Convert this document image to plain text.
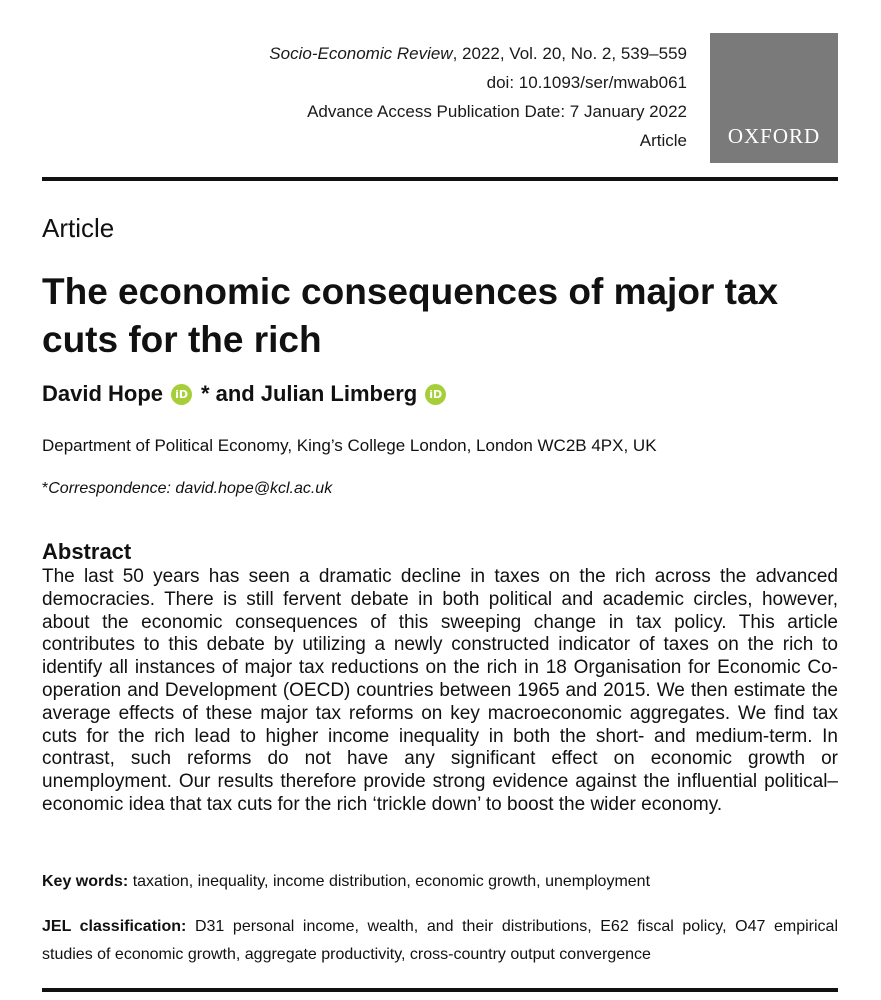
Socio-Economic Review, 2022, Vol. 20, No. 2, 539–559
doi: 10.1093/ser/mwab061
Advance Access Publication Date: 7 January 2022
Article OXFORD
Article
The economic consequences of major tax cuts for the rich
David Hope	iD * and Julian Limberg	iD
Department of Political Economy, King’s College London, London WC2B 4PX, UK
*Correspondence: david.hope@kcl.ac.uk
Abstract

The last 50 years has seen a dramatic decline in taxes on the rich across the advanced democracies. There is still fervent debate in both political and academic circles, however, about the economic consequences of this sweeping change in tax policy. This article contributes to this debate by utilizing a newly constructed indicator of taxes on the rich to identify all instances of major tax reductions on the rich in 18 Organisation for Economic Co-operation and Development (OECD) countries between 1965 and 2015. We then estimate the average effects of these major tax reforms on key macroeconomic aggregates. We find tax cuts for the rich lead to higher income inequality in both the short- and medium-term. In contrast, such reforms do not have any significant effect on economic growth or unemployment. Our results therefore provide strong evidence against the influential political–economic idea that tax cuts for the rich ‘trickle down’ to boost the wider economy.

Key words: taxation, inequality, income distribution, economic growth, unemployment
JEL classification: D31 personal income, wealth, and their distributions, E62 fiscal policy, O47 empirical studies of economic growth, aggregate productivity, cross-country output convergence
